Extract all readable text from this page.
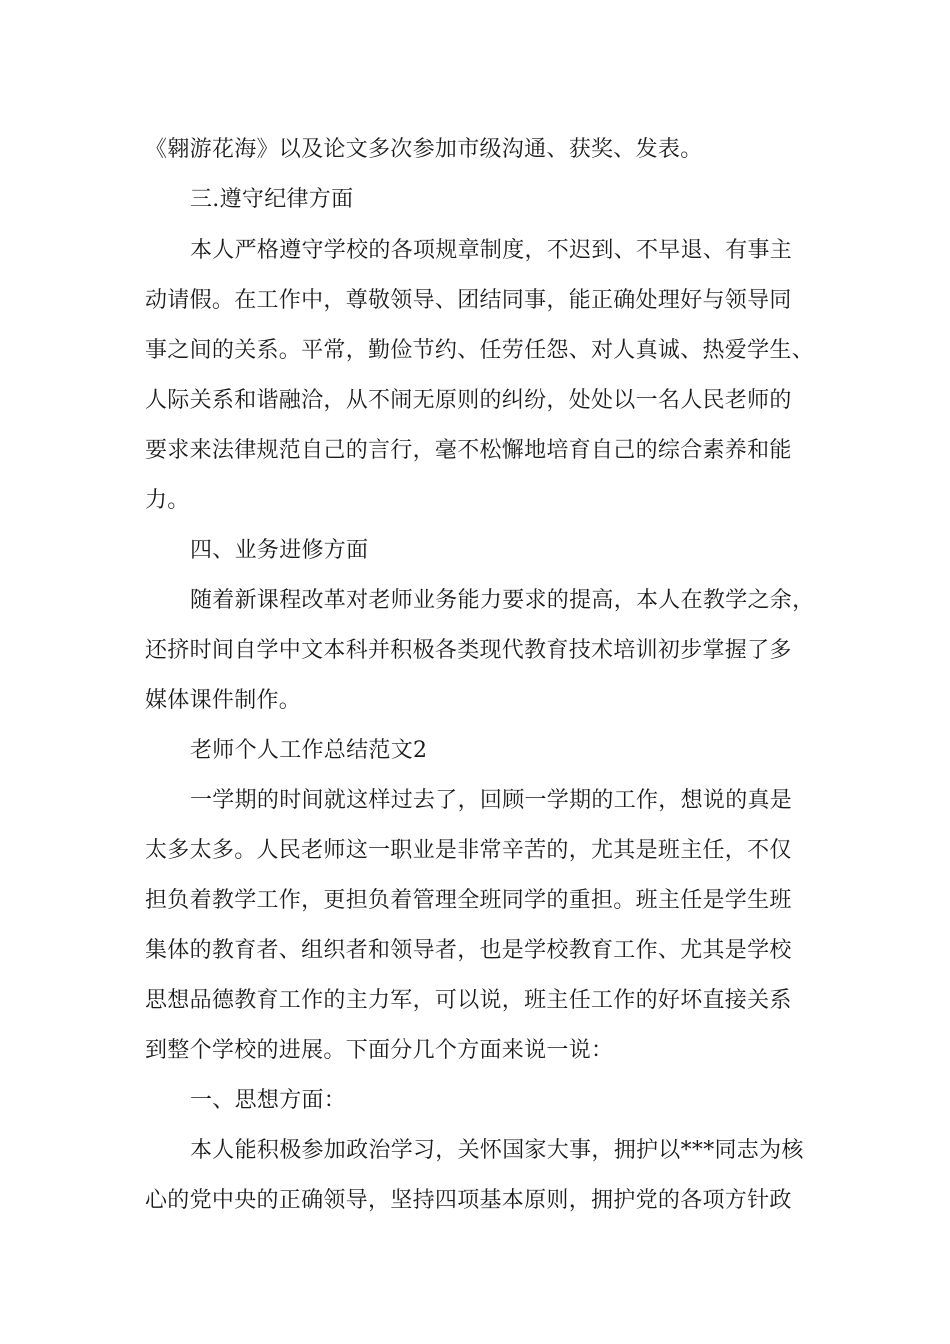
《翱游花海》以及论文多次参加市级沟通、获奖、发表。
三.遵守纪律方面
本人严格遵守学校的各项规章制度，不迟到、不早退、有事主
动请假。在工作中，尊敬领导、团结同事，能正确处理好与领导同
事之间的关系。平常，勤俭节约、任劳任怨、对人真诚、热爱学生、
人际关系和谐融洽，从不闹无原则的纠纷，处处以一名人民老师的
要求来法律规范自己的言行，毫不松懈地培育自己的综合素养和能
力。
四、业务进修方面
随着新课程改革对老师业务能力要求的提高，本人在教学之余，
还挤时间自学中文本科并积极各类现代教育技术培训初步掌握了多
媒体课件制作。
老师个人工作总结范文2
一学期的时间就这样过去了，回顾一学期的工作，想说的真是
太多太多。人民老师这一职业是非常辛苦的，尤其是班主任，不仅
担负着教学工作，更担负着管理全班同学的重担。班主任是学生班
集体的教育者、组织者和领导者，也是学校教育工作、尤其是学校
思想品德教育工作的主力军，可以说，班主任工作的好坏直接关系
到整个学校的进展。下面分几个方面来说一说：
一、思想方面：
本人能积极参加政治学习，关怀国家大事，拥护以***同志为核
心的党中央的正确领导，坚持四项基本原则，拥护党的各项方针政
